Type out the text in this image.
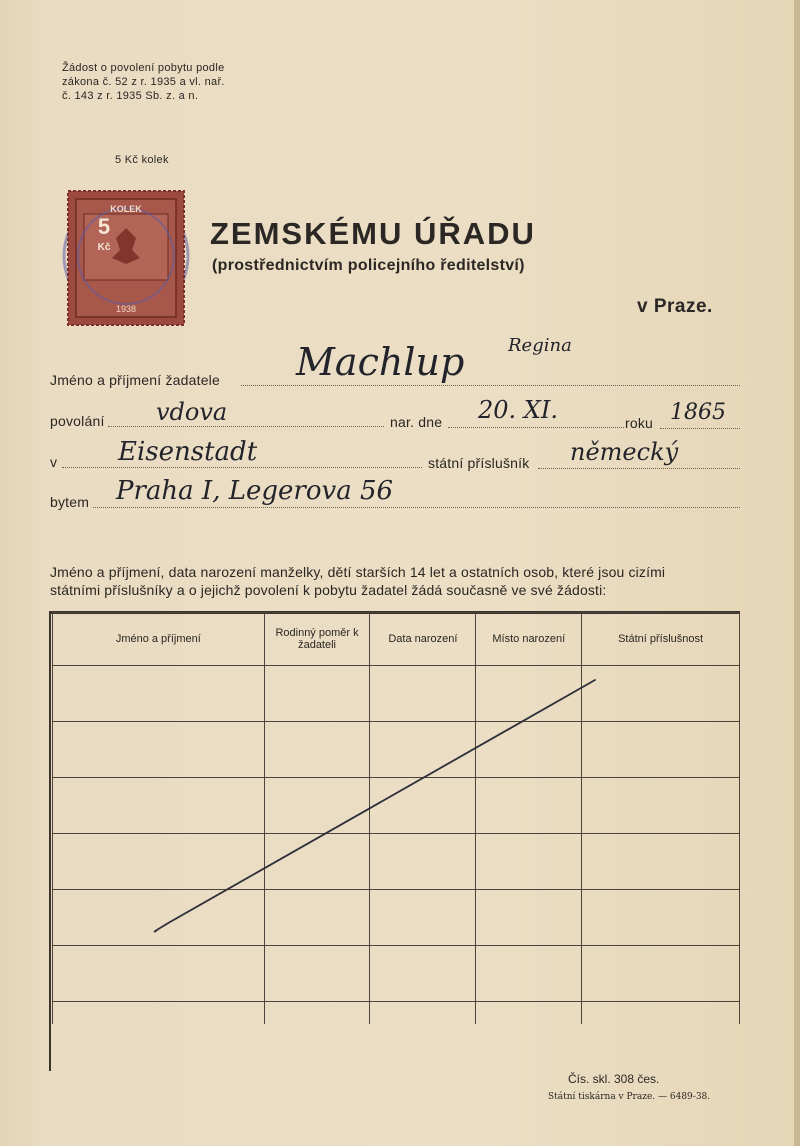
Žádost o povolení pobytu podle
zákona č. 52 z r. 1935 a vl. nař.
č. 143 z r. 1935 Sb. z. a n.
5 Kč kolek
KOLEK
5
Kč
1938
ZEMSKÉMU ÚŘADU
(prostřednictvím policejního ředitelství)
v Praze.
Jméno a příjmení žadatele Machlup Regina
povolání vdova	nar. dne 20. XI.	roku 1865
v Eisenstadt	státní příslušník německý
bytem Praha I, Legerova 56
Jméno a příjmení, data narození manželky, dětí starších 14 let a ostatních osob, které jsou cizími
státními příslušníky a o jejichž povolení k pobytu žadatel žádá současně ve své žádosti:
Jméno a příjmení	Rodinný poměr k žadateli	Data narození	Místo narození	Státní příslušnost

Čís. skl. 308 čes.
Státní tiskárna v Praze. — 6489-38.
